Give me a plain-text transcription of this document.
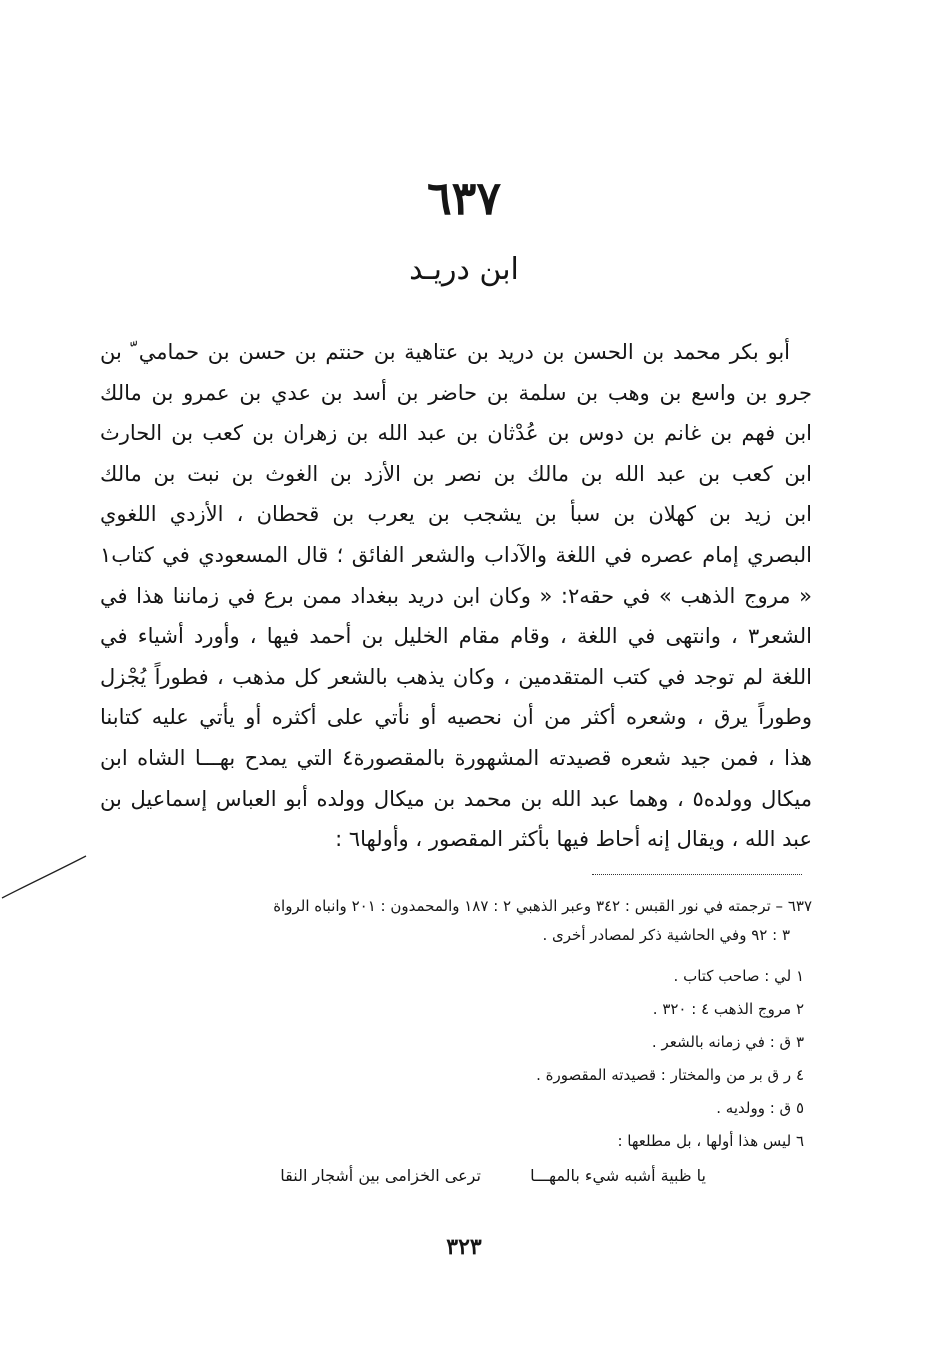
٦٣٧
ابن دريـد
أبو بكر محمد بن الحسن بن دريد بن عتاهية بن حنتم بن حسن بن حمامي ّ بن
جرو بن واسع بن وهب بن سلمة بن حاضر بن أسد بن عدي بن عمرو بن مالك
ابن فهم بن غانم بن دوس بن عُدْثان بن عبد الله بن زهران بن كعب بن الحارث
ابن كعب بن عبد الله بن مالك بن نصر بن الأزد بن الغوث بن نبت بن مالك
ابن زيد بن كهلان بن سبأ بن يشجب بن يعرب بن قحطان ، الأزدي اللغوي
البصري إمام عصره في اللغة والآداب والشعر الفائق ؛ قال المسعودي في كتاب١
« مروج الذهب » في حقه٢: « وكان ابن دريد ببغداد ممن برع في زماننا هذا في
الشعر٣ ، وانتهى في اللغة ، وقام مقام الخليل بن أحمد فيها ، وأورد أشياء في
اللغة لم توجد في كتب المتقدمين ، وكان يذهب بالشعر كل مذهب ، فطوراً يُجْزل
وطوراً يرق ، وشعره أكثر من أن نحصيه أو نأتي على أكثره أو يأتي عليه كتابنا
هذا ، فمن جيد شعره قصيدته المشهورة بالمقصورة٤ التي يمدح بهـــا الشاه ابن
ميكال وولده٥ ، وهما عبد الله بن محمد بن ميكال وولده أبو العباس إسماعيل بن
عبد الله ، ويقال إنه أحاط فيها بأكثر المقصور ، وأولها٦ :
٦٣٧ – ترجمته في نور القبس : ٣٤٢ وعبر الذهبي ٢ : ١٨٧ والمحمدون : ٢٠١ وانباه الرواة
٣ : ٩٢ وفي الحاشية ذكر لمصادر أخرى .
١ لي : صاحب كتاب .
٢ مروج الذهب ٤ : ٣٢٠ .
٣ ق : في زمانه بالشعر .
٤ ر ق بر من والمختار : قصيدته المقصورة .
٥ ق : وولديه .
٦ ليس هذا أولها ، بل مطلعها :
يا ظبية أشبه شيء بالمهـــا ترعى الخزامى بين أشجار النقا
٣٢٣
